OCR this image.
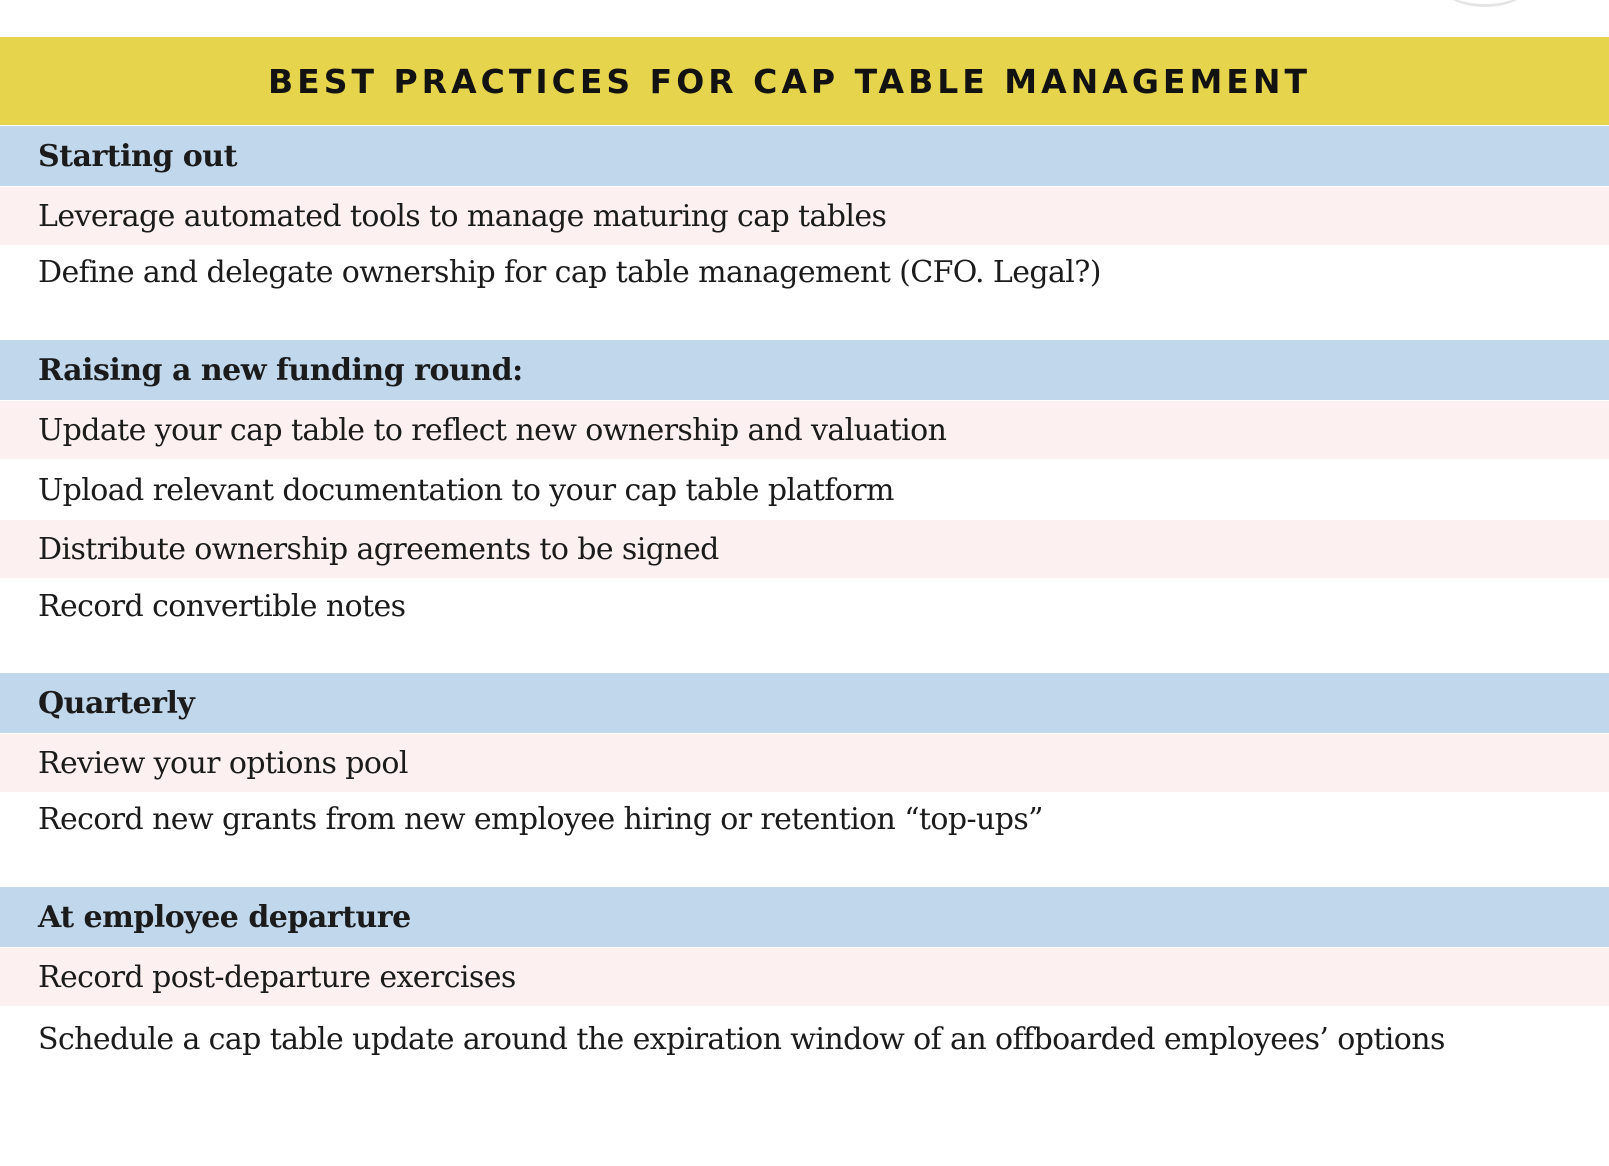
BEST PRACTICES FOR CAP TABLE MANAGEMENT
Starting out
Leverage automated tools to manage maturing cap tables
Define and delegate ownership for cap table management (CFO. Legal?)
Raising a new funding round:
Update your cap table to reflect new ownership and valuation
Upload relevant documentation to your cap table platform
Distribute ownership agreements to be signed
Record convertible notes
Quarterly
Review your options pool
Record new grants from new employee hiring or retention “top-ups”
At employee departure
Record post-departure exercises
Schedule a cap table update around the expiration window of an offboarded employees’ options
